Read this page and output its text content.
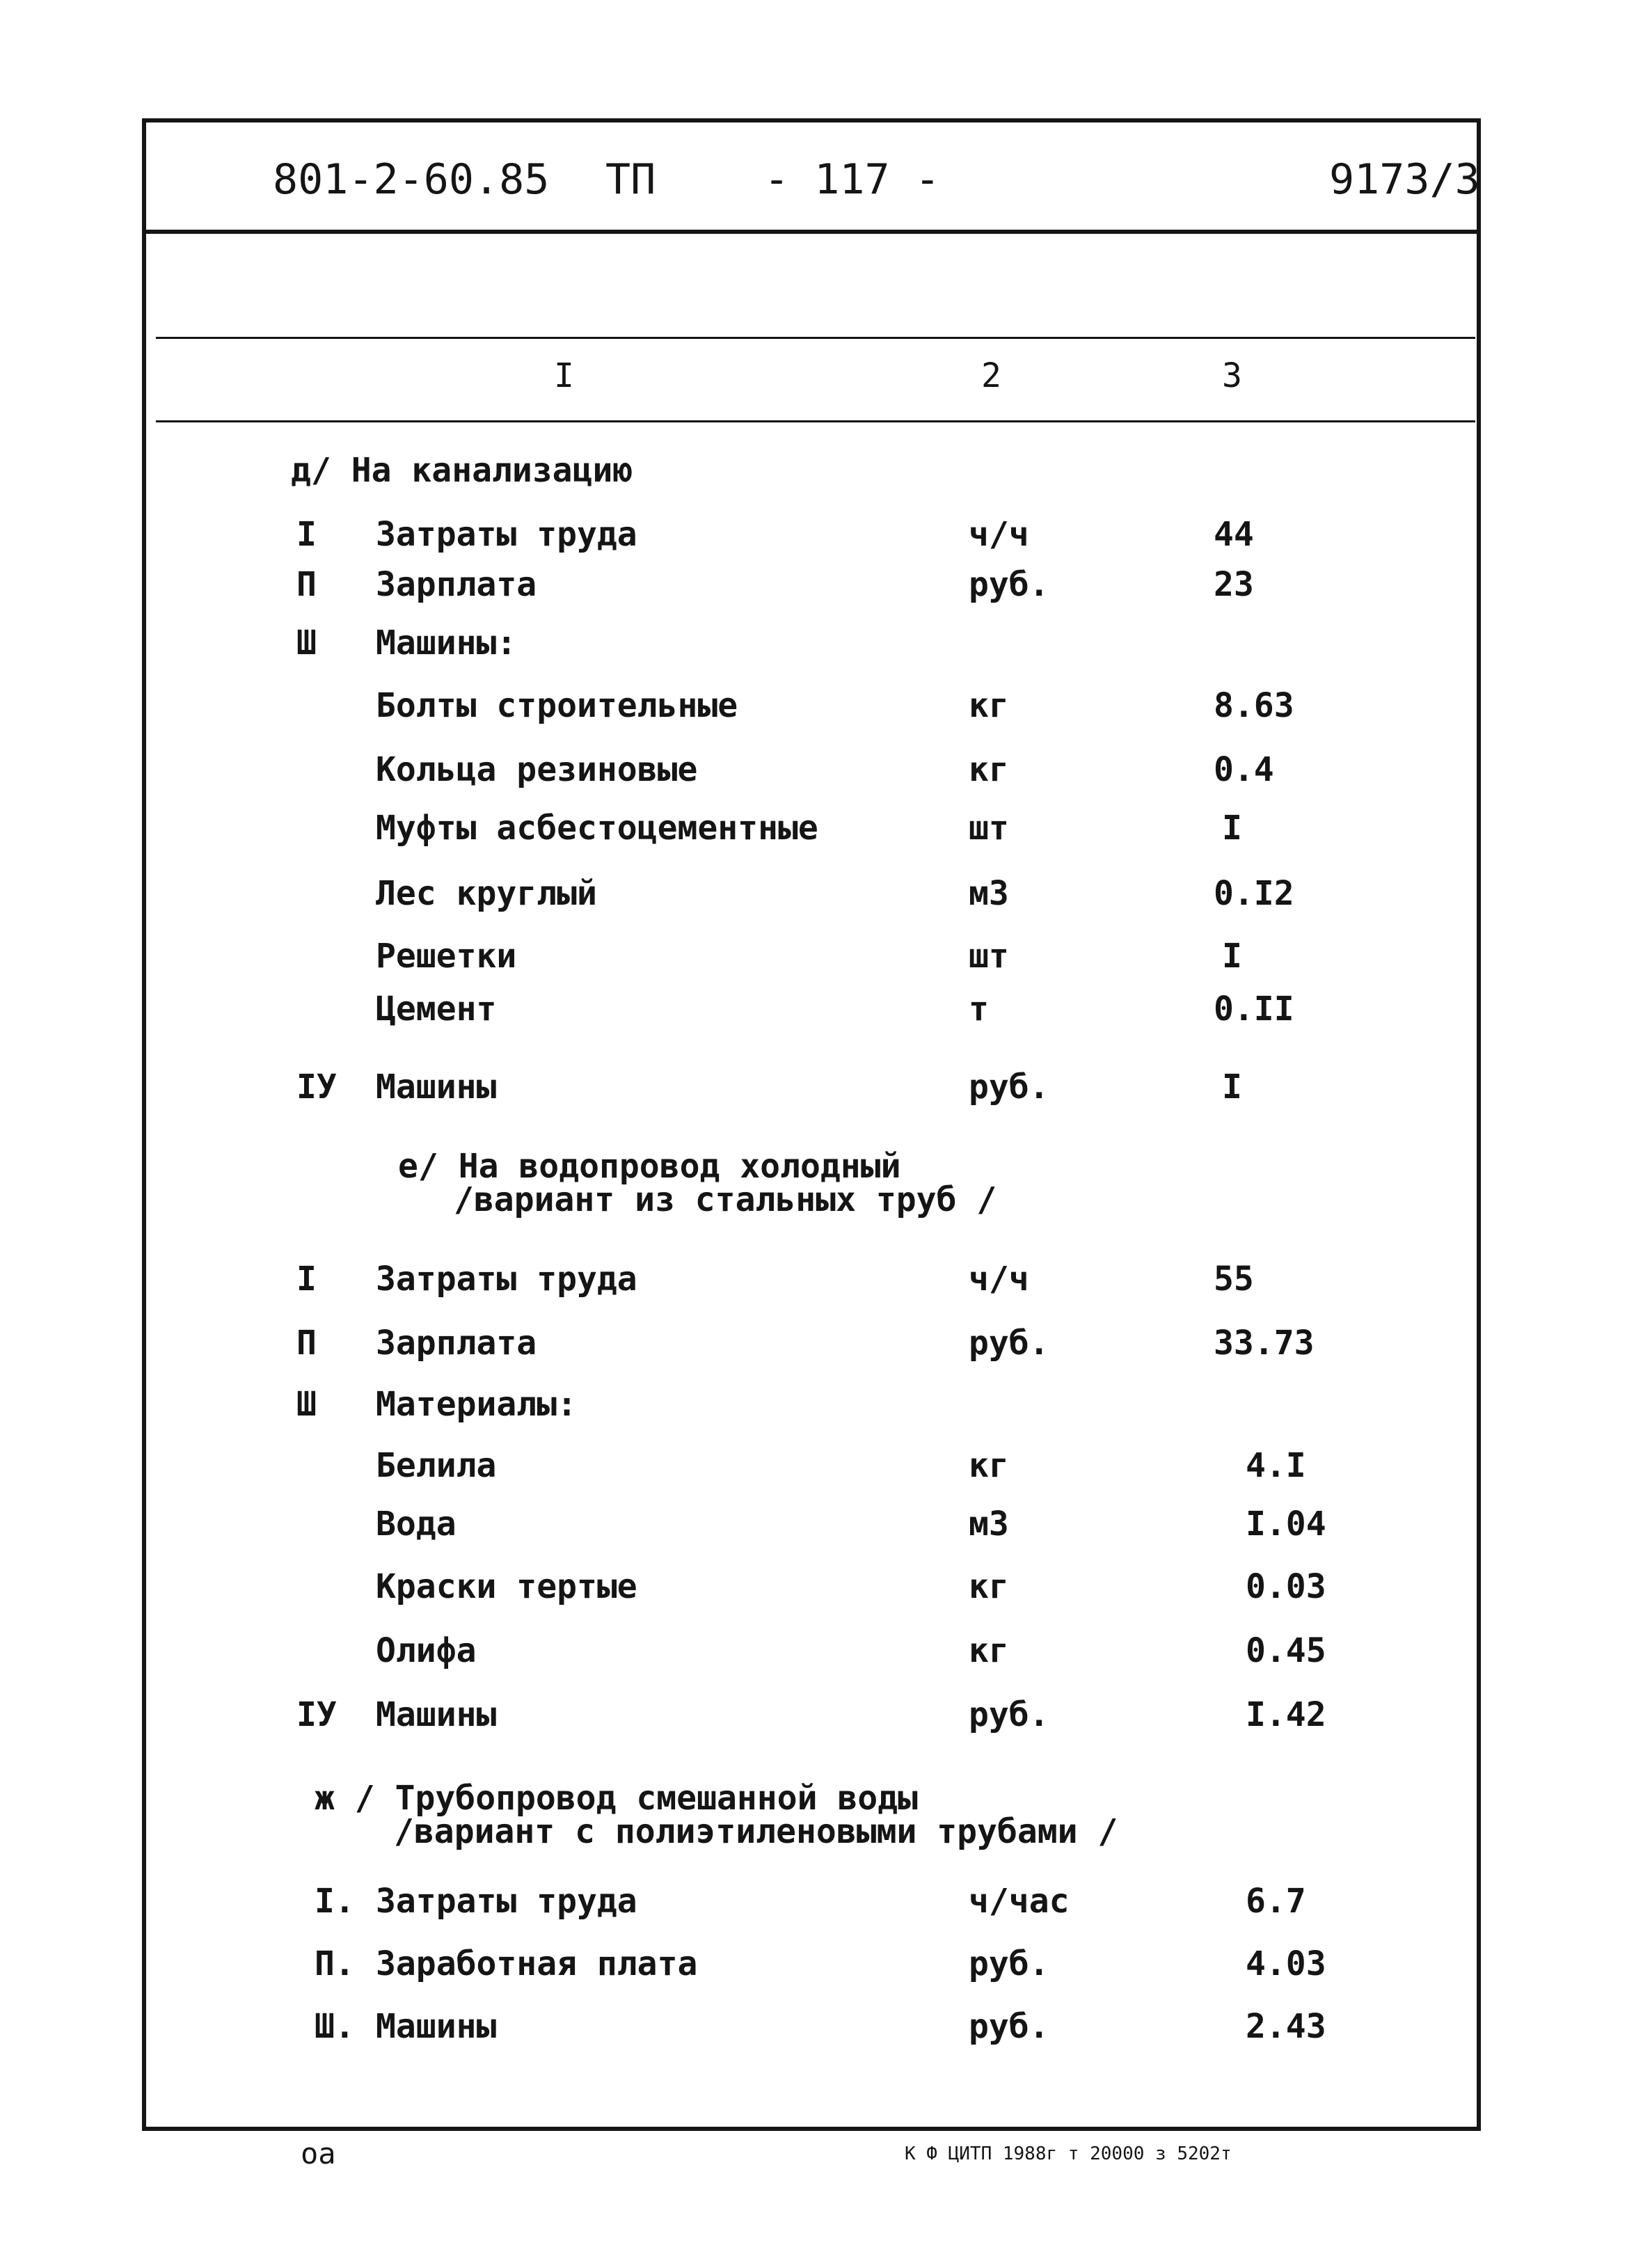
801-2-60.85 ТП	- 117 -	9173/3
I	2	3
д/ На канализацию
I Затраты труда	ч/ч	44
П Зарплата	руб.	23
Ш Машины:
Болты строительные	кг	8.63
Кольца резиновые	кг	0.4
Муфты асбестоцементные	шт	I
Лес круглый	м3	0.I2
Решетки	шт	I
Цемент	т	0.II
IУ Машины	руб.	I
е/ На водопровод холодный
/вариант из стальных труб /
I Затраты труда	ч/ч	55
П Зарплата	руб.	33.73
Ш Материалы:
Белила	кг	4.I
Вода	м3	I.04
Краски тертые	кг	0.03
Олифа	кг	0.45
IУ Машины	руб.	I.42
ж / Трубопровод смешанной воды
/вариант с полиэтиленовыми трубами /
I. Затраты труда	ч/час	6.7
П. Заработная плата	руб.	4.03
Ш. Машины	руб.	2.43
oa	К Ф ЦИТП 1988г т 20000 з 5202т
